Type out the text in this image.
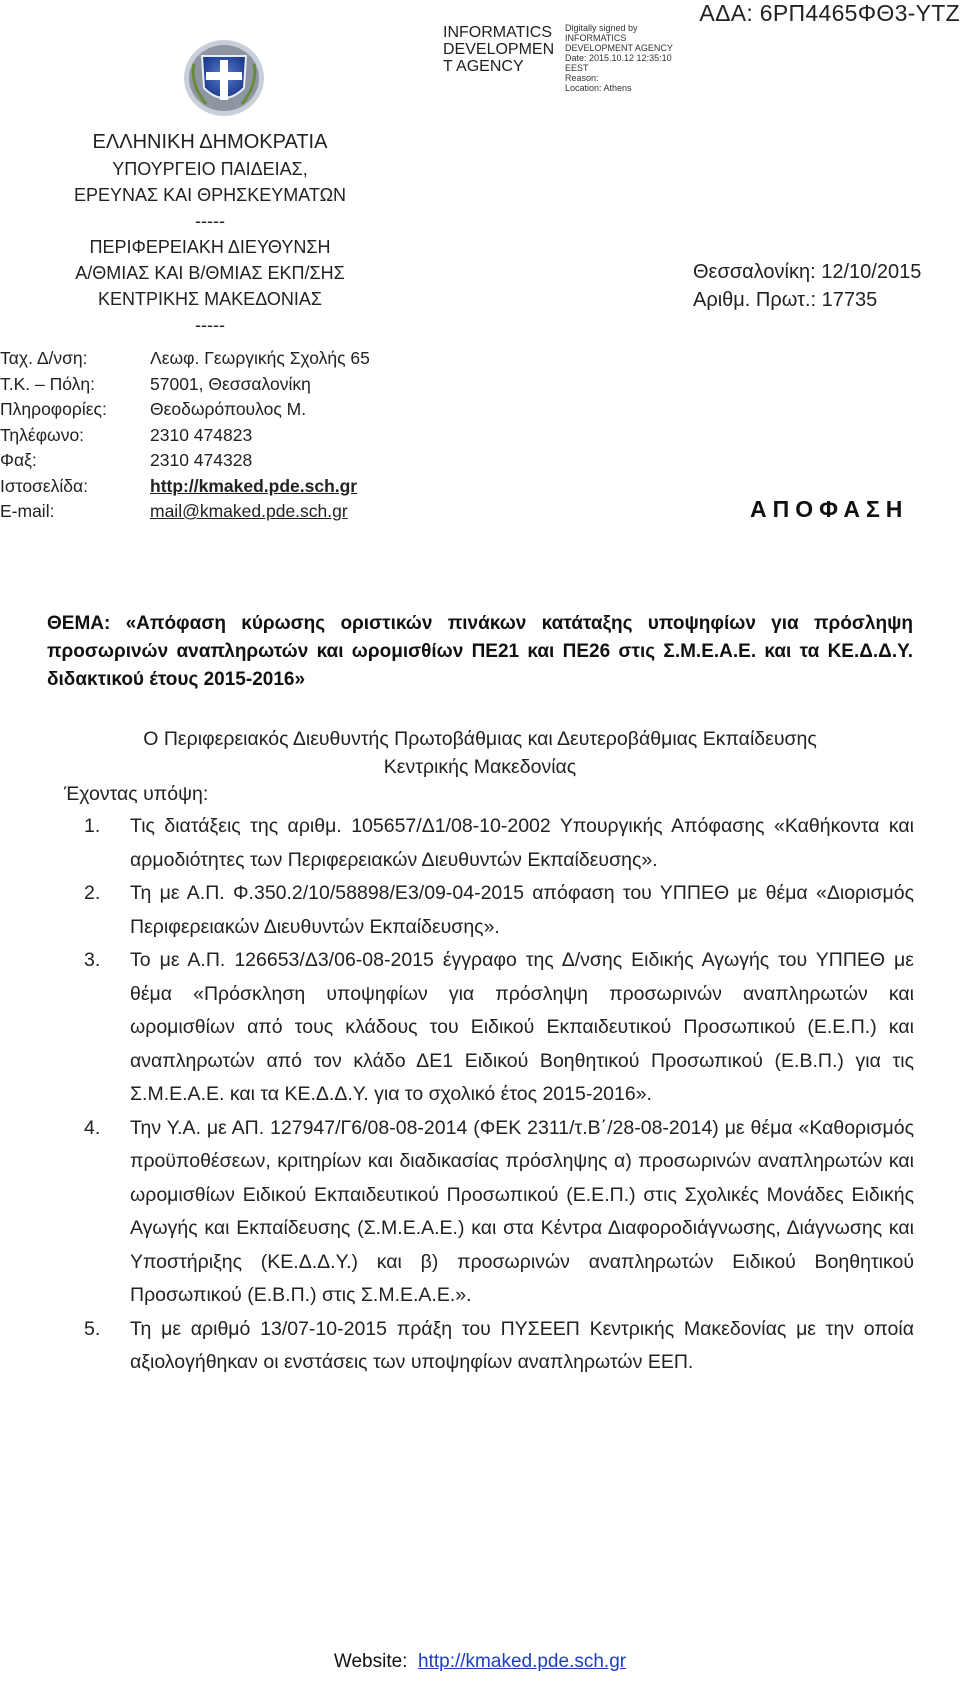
INFORMATICS DEVELOPMEN T AGENCY
Digitally signed by
INFORMATICS
DEVELOPMENT AGENCY
Date: 2015.10.12 12:35:10
EEST
Reason:
Location: Athens
ΑΔΑ: 6ΡΠ4465ΦΘ3-ΥΤΖ
ΕΛΛΗΝΙΚΗ ΔΗΜΟΚΡΑΤΙΑ
ΥΠΟΥΡΓΕΙΟ ΠΑΙΔΕΙΑΣ,
ΕΡΕΥΝΑΣ ΚΑΙ ΘΡΗΣΚΕΥΜΑΤΩΝ
-----
ΠΕΡΙΦΕΡΕΙΑΚΗ ΔΙΕΥΘΥΝΣΗ
Α/ΘΜΙΑΣ ΚΑΙ Β/ΘΜΙΑΣ ΕΚΠ/ΣΗΣ
ΚΕΝΤΡΙΚΗΣ ΜΑΚΕΔΟΝΙΑΣ
-----
Ταχ. Δ/νση:	Λεωφ. Γεωργικής Σχολής 65
Τ.Κ. – Πόλη:	57001, Θεσσαλονίκη
Πληροφορίες:	Θεοδωρόπουλος Μ.
Τηλέφωνο:	2310 474823
Φαξ:	2310 474328
Ιστοσελίδα:	http://kmaked.pde.sch.gr
E-mail:	mail@kmaked.pde.sch.gr
Θεσσαλονίκη: 12/10/2015
Αριθμ. Πρωτ.: 17735
ΑΠΟΦΑΣΗ
ΘΕΜΑ: «Απόφαση κύρωσης οριστικών πινάκων κατάταξης υποψηφίων για πρόσληψη προσωρινών αναπληρωτών και ωρομισθίων ΠΕ21 και ΠΕ26 στις Σ.Μ.Ε.Α.Ε. και τα ΚΕ.Δ.Δ.Υ. διδακτικού έτους 2015-2016»
Ο Περιφερειακός Διευθυντής Πρωτοβάθμιας και Δευτεροβάθμιας Εκπαίδευσης
Κεντρικής Μακεδονίας
Έχοντας υπόψη:
1.	Τις διατάξεις της αριθμ. 105657/Δ1/08-10-2002 Υπουργικής Απόφασης «Καθήκοντα και αρμοδιότητες των Περιφερειακών Διευθυντών Εκπαίδευσης».
2.	Τη με Α.Π. Φ.350.2/10/58898/Ε3/09-04-2015 απόφαση του ΥΠΠΕΘ με θέμα «Διορισμός Περιφερειακών Διευθυντών Εκπαίδευσης».
3.	Το με Α.Π. 126653/Δ3/06-08-2015 έγγραφο της Δ/νσης Ειδικής Αγωγής του ΥΠΠΕΘ με θέμα «Πρόσκληση υποψηφίων για πρόσληψη προσωρινών αναπληρωτών και ωρομισθίων από τους κλάδους του Ειδικού Εκπαιδευτικού Προσωπικού (Ε.Ε.Π.) και αναπληρωτών από τον κλάδο ΔΕ1 Ειδικού Βοηθητικού Προσωπικού (Ε.Β.Π.) για τις Σ.Μ.Ε.Α.Ε. και τα ΚΕ.Δ.Δ.Υ. για το σχολικό έτος 2015-2016».
4.	Την Υ.Α. με ΑΠ. 127947/Γ6/08-08-2014 (ΦΕΚ 2311/τ.Β΄/28-08-2014) με θέμα «Καθορισμός προϋποθέσεων, κριτηρίων και διαδικασίας πρόσληψης α) προσωρινών αναπληρωτών και ωρομισθίων Ειδικού Εκπαιδευτικού Προσωπικού (Ε.Ε.Π.) στις Σχολικές Μονάδες Ειδικής Αγωγής και Εκπαίδευσης (Σ.Μ.Ε.Α.Ε.) και στα Κέντρα Διαφοροδιάγνωσης, Διάγνωσης και Υποστήριξης (ΚΕ.Δ.Δ.Υ.) και β) προσωρινών αναπληρωτών Ειδικού Βοηθητικού Προσωπικού (Ε.Β.Π.) στις Σ.Μ.Ε.Α.Ε.».
5.	Τη με αριθμό 13/07-10-2015 πράξη του ΠΥΣΕΕΠ Κεντρικής Μακεδονίας με την οποία αξιολογήθηκαν οι ενστάσεις των υποψηφίων αναπληρωτών ΕΕΠ.
Website: http://kmaked.pde.sch.gr
